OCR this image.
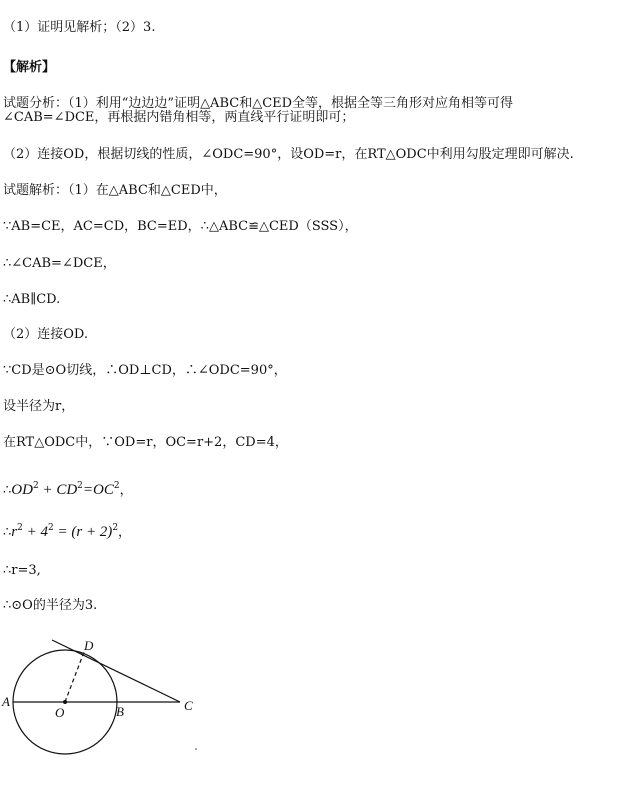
（1）证明见解析；（2）3.
【解析】
试题分析：（1）利用“边边边”证明△ABC和△CED全等，根据全等三角形对应角相等可得
∠CAB=∠DCE，再根据内错角相等，两直线平行证明即可；
（2）连接OD，根据切线的性质，∠ODC=90°，设OD=r，在RT△ODC中利用勾股定理即可解决.
试题解析：（1）在△ABC和△CED中，
∵AB=CE，AC=CD，BC=ED，∴△ABC≌△CED（SSS），
∴∠CAB=∠DCE，
∴AB∥CD.
（2）连接OD.
∵CD是⊙O切线，∴OD⊥CD，∴∠ODC=90°，
设半径为r，
在RT△ODC中，∵OD=r，OC=r+2，CD=4，
$\therefore OD^2 + CD^2=OC^2$，
$\therefore r^2 + 4^2 = (r + 2)^2$，
∴r=3,
∴⊙O的半径为3.
A
O	B	C
D
